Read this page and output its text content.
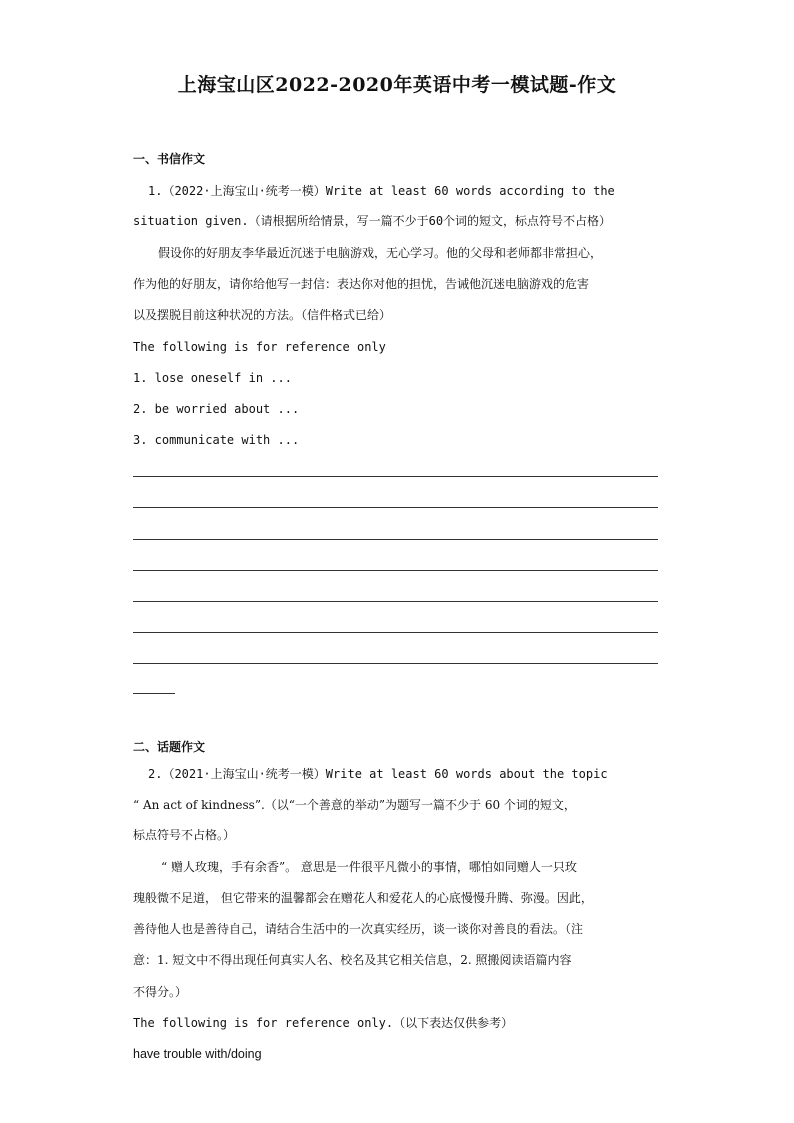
上海宝山区2022-2020年英语中考一模试题-作文
一、书信作文
1.（2022·上海宝山·统考一模）Write at least 60 words according to the
situation given.（请根据所给情景，写一篇不少于60个词的短文，标点符号不占格）
假设你的好朋友李华最近沉迷于电脑游戏，无心学习。他的父母和老师都非常担心，
作为他的好朋友，请你给他写一封信：表达你对他的担忧，告诫他沉迷电脑游戏的危害
以及摆脱目前这种状况的方法。（信件格式已给）
The following is for reference only
1. lose oneself in ...
2. be worried about ...
3. communicate with ...
二、话题作文
2.（2021·上海宝山·统考一模）Write at least 60 words about the topic
“ An act of kindness”.（以“一个善意的举动”为题写一篇不少于 60 个词的短文，
标点符号不占格。）
“ 赠人玫瑰，手有余香”。 意思是一件很平凡微小的事情，哪怕如同赠人一只玫
瑰般微不足道， 但它带来的温馨都会在赠花人和爱花人的心底慢慢升腾、弥漫。因此，
善待他人也是善待自己，请结合生活中的一次真实经历，谈一谈你对善良的看法。（注
意：1. 短文中不得出现任何真实人名、校名及其它相关信息，2. 照搬阅读语篇内容
不得分。）
The following is for reference only.（以下表达仅供参考）
have trouble with/doing
